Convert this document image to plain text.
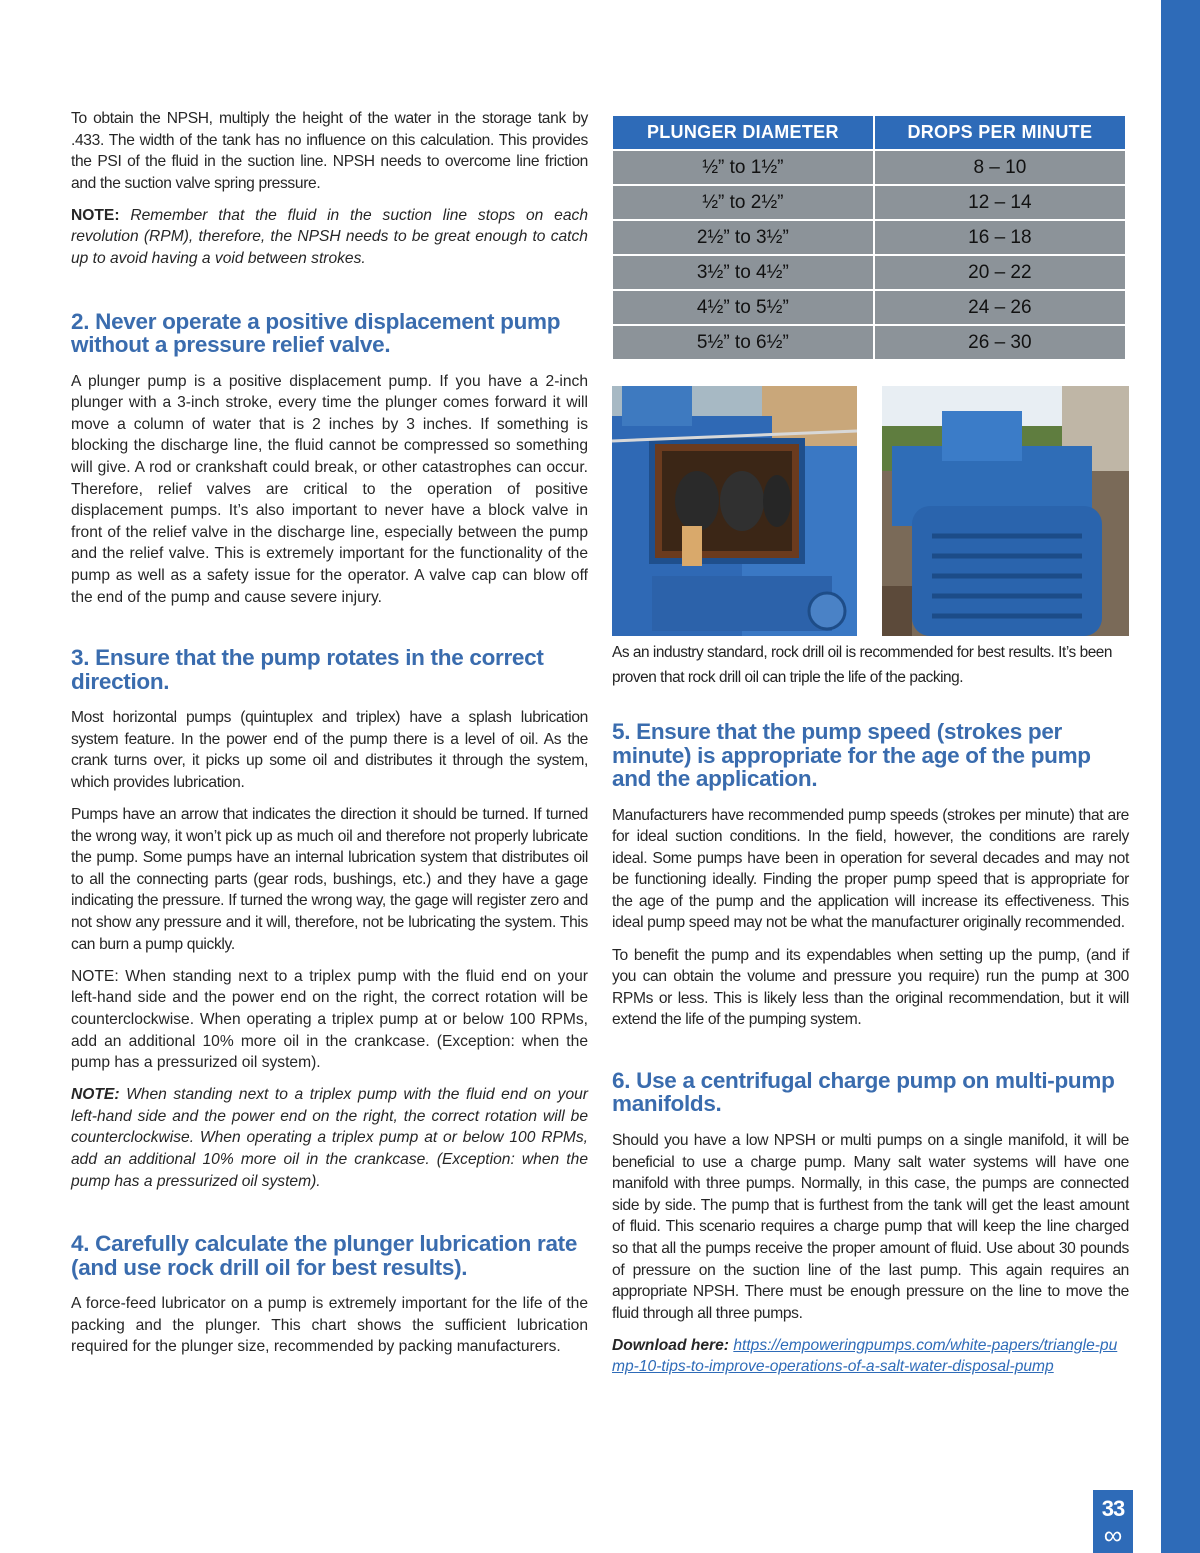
To obtain the NPSH, multiply the height of the water in the storage tank by .433. The width of the tank has no influence on this calculation. This provides the PSI of the fluid in the suction line. NPSH needs to overcome line friction and the suction valve spring pressure.

NOTE: Remember that the fluid in the suction line stops on each revolution (RPM), therefore, the NPSH needs to be great enough to catch up to avoid having a void between strokes.

2. Never operate a positive displacement pump without a pressure relief valve.

A plunger pump is a positive displacement pump. If you have a 2-inch plunger with a 3-inch stroke, every time the plunger comes forward it will move a column of water that is 2 inches by 3 inches. If something is blocking the discharge line, the fluid cannot be compressed so something will give. A rod or crankshaft could break, or other catastrophes can occur. Therefore, relief valves are critical to the operation of positive displacement pumps. It’s also important to never have a block valve in front of the relief valve in the discharge line, especially between the pump and the relief valve. This is extremely important for the functionality of the pump as well as a safety issue for the operator. A valve cap can blow off the end of the pump and cause severe injury.

3. Ensure that the pump rotates in the correct direction.

Most horizontal pumps (quintuplex and triplex) have a splash lubrication system feature. In the power end of the pump there is a level of oil. As the crank turns over, it picks up some oil and distributes it through the system, which provides lubrication.

Pumps have an arrow that indicates the direction it should be turned. If turned the wrong way, it won’t pick up as much oil and therefore not properly lubricate the pump. Some pumps have an internal lubrication system that distributes oil to all the connecting parts (gear rods, bushings, etc.) and they have a gage indicating the pressure. If turned the wrong way, the gage will register zero and not show any pressure and it will, therefore, not be lubricating the system. This can burn a pump quickly.

NOTE: When standing next to a triplex pump with the fluid end on your left-hand side and the power end on the right, the correct rotation will be counterclockwise. When operating a triplex pump at or below 100 RPMs, add an additional 10% more oil in the crankcase. (Exception: when the pump has a pressurized oil system).

NOTE: When standing next to a triplex pump with the fluid end on your left-hand side and the power end on the right, the correct rotation will be counterclockwise. When operating a triplex pump at or below 100 RPMs, add an additional 10% more oil in the crankcase. (Exception: when the pump has a pressurized oil system).

4. Carefully calculate the plunger lubrication rate (and use rock drill oil for best results).

A force-feed lubricator on a pump is extremely important for the life of the packing and the plunger. This chart shows the sufficient lubrication required for the plunger size, recommended by packing manufacturers.

PLUNGER DIAMETER	DROPS PER MINUTE
½” to 1½”	8 – 10
½” to 2½”	12 – 14
2½” to 3½”	16 – 18
3½” to 4½”	20 – 22
4½” to 5½”	24 – 26
5½” to 6½”	26 – 30

As an industry standard, rock drill oil is recommended for best results. It’s been proven that rock drill oil can triple the life of the packing.

5. Ensure that the pump speed (strokes per minute) is appropriate for the age of the pump and the application.

Manufacturers have recommended pump speeds (strokes per minute) that are for ideal suction conditions. In the field, however, the conditions are rarely ideal. Some pumps have been in operation for several decades and may not be functioning ideally. Finding the proper pump speed that is appropriate for the age of the pump and the application will increase its effectiveness. This ideal pump speed may not be what the manufacturer originally recommended.

To benefit the pump and its expendables when setting up the pump, (and if you can obtain the volume and pressure you require) run the pump at 300 RPMs or less. This is likely less than the original recommendation, but it will extend the life of the pumping system.

6. Use a centrifugal charge pump on multi-pump manifolds.

Should you have a low NPSH or multi pumps on a single manifold, it will be beneficial to use a charge pump. Many salt water systems will have one manifold with three pumps. Normally, in this case, the pumps are connected side by side. The pump that is furthest from the tank will get the least amount of fluid. This scenario requires a charge pump that will keep the line charged so that all the pumps receive the proper amount of fluid. Use about 30 pounds of pressure on the suction line of the last pump. This again requires an appropriate NPSH. There must be enough pressure on the line to move the fluid through all three pumps.

Download here: https://empoweringpumps.com/white-papers/triangle-pump-10-tips-to-improve-operations-of-a-salt-water-disposal-pump

33
∞
